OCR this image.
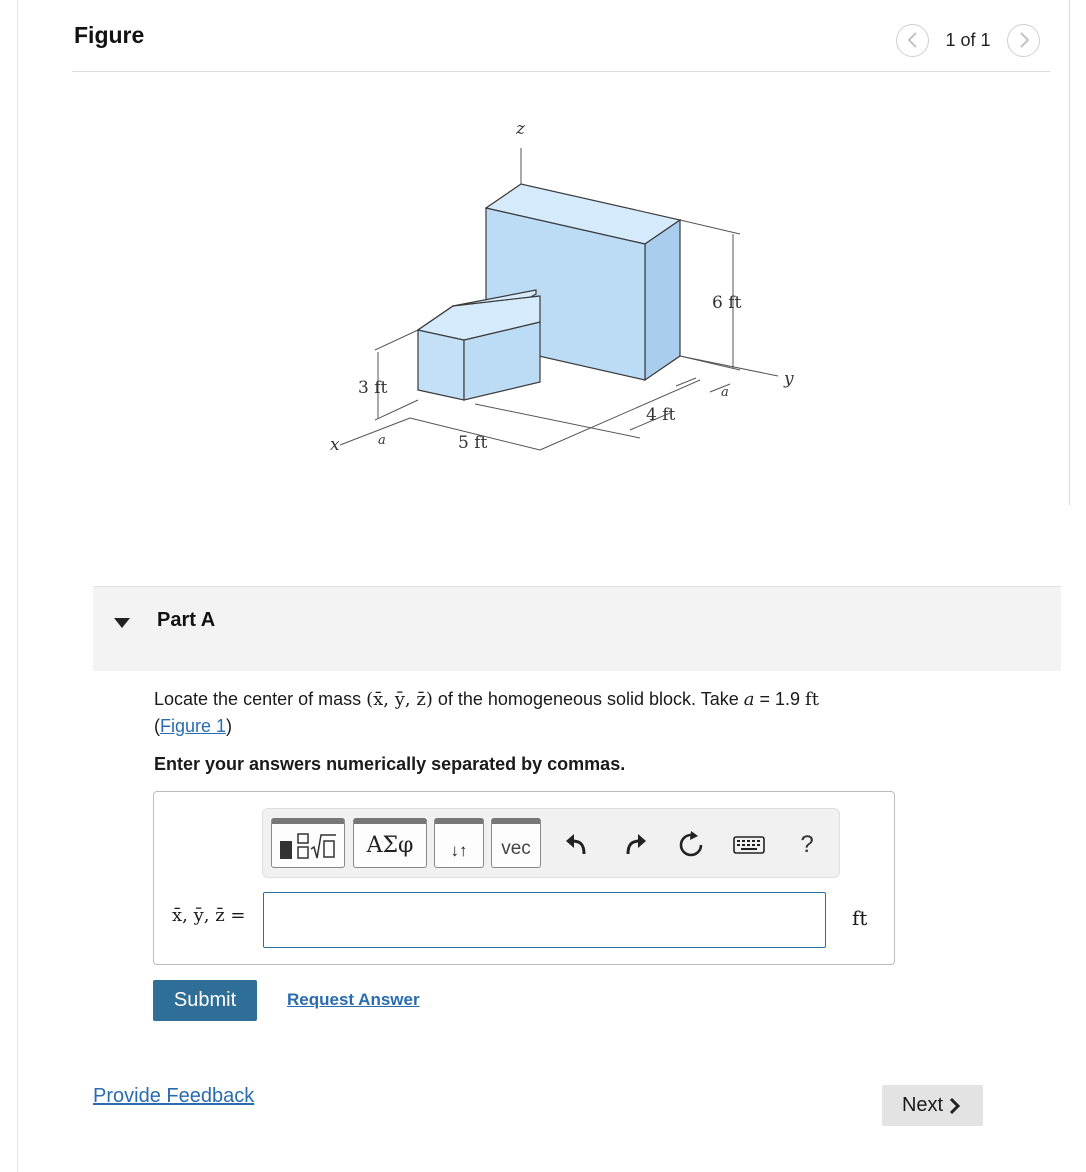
Figure	1 of 1
z
y
x
6 ft
3 ft
4 ft
5 ft
a
a
Part A
Locate the center of mass (x̄, ȳ, z̄) of the homogeneous solid block. Take a = 1.9 ft
(Figure 1)
Enter your answers numerically separated by commas.
ΑΣφ	↓↑	vec	?
x̄, ȳ, z̄ =	ft
Submit	Request Answer
Provide Feedback	Next
